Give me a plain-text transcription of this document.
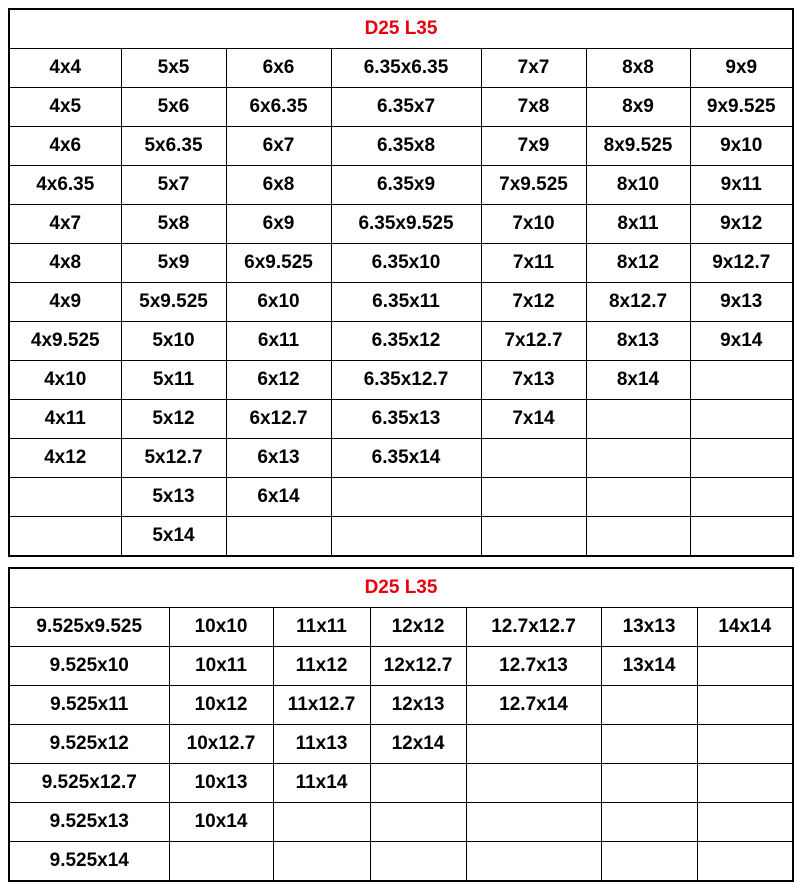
D25 L35						
4x4	5x5	6x6	6.35x6.35	7x7	8x8	9x9
4x5	5x6	6x6.35	6.35x7	7x8	8x9	9x9.525
4x6	5x6.35	6x7	6.35x8	7x9	8x9.525	9x10
4x6.35	5x7	6x8	6.35x9	7x9.525	8x10	9x11
4x7	5x8	6x9	6.35x9.525	7x10	8x11	9x12
4x8	5x9	6x9.525	6.35x10	7x11	8x12	9x12.7
4x9	5x9.525	6x10	6.35x11	7x12	8x12.7	9x13
4x9.525	5x10	6x11	6.35x12	7x12.7	8x13	9x14
4x10	5x11	6x12	6.35x12.7	7x13	8x14	
4x11	5x12	6x12.7	6.35x13	7x14		
4x12	5x12.7	6x13	6.35x14			
	5x13	6x14				
	5x14					
D25 L35						
9.525x9.525	10x10	11x11	12x12	12.7x12.7	13x13	14x14
9.525x10	10x11	11x12	12x12.7	12.7x13	13x14	
9.525x11	10x12	11x12.7	12x13	12.7x14		
9.525x12	10x12.7	11x13	12x14			
9.525x12.7	10x13	11x14				
9.525x13	10x14					
9.525x14						
